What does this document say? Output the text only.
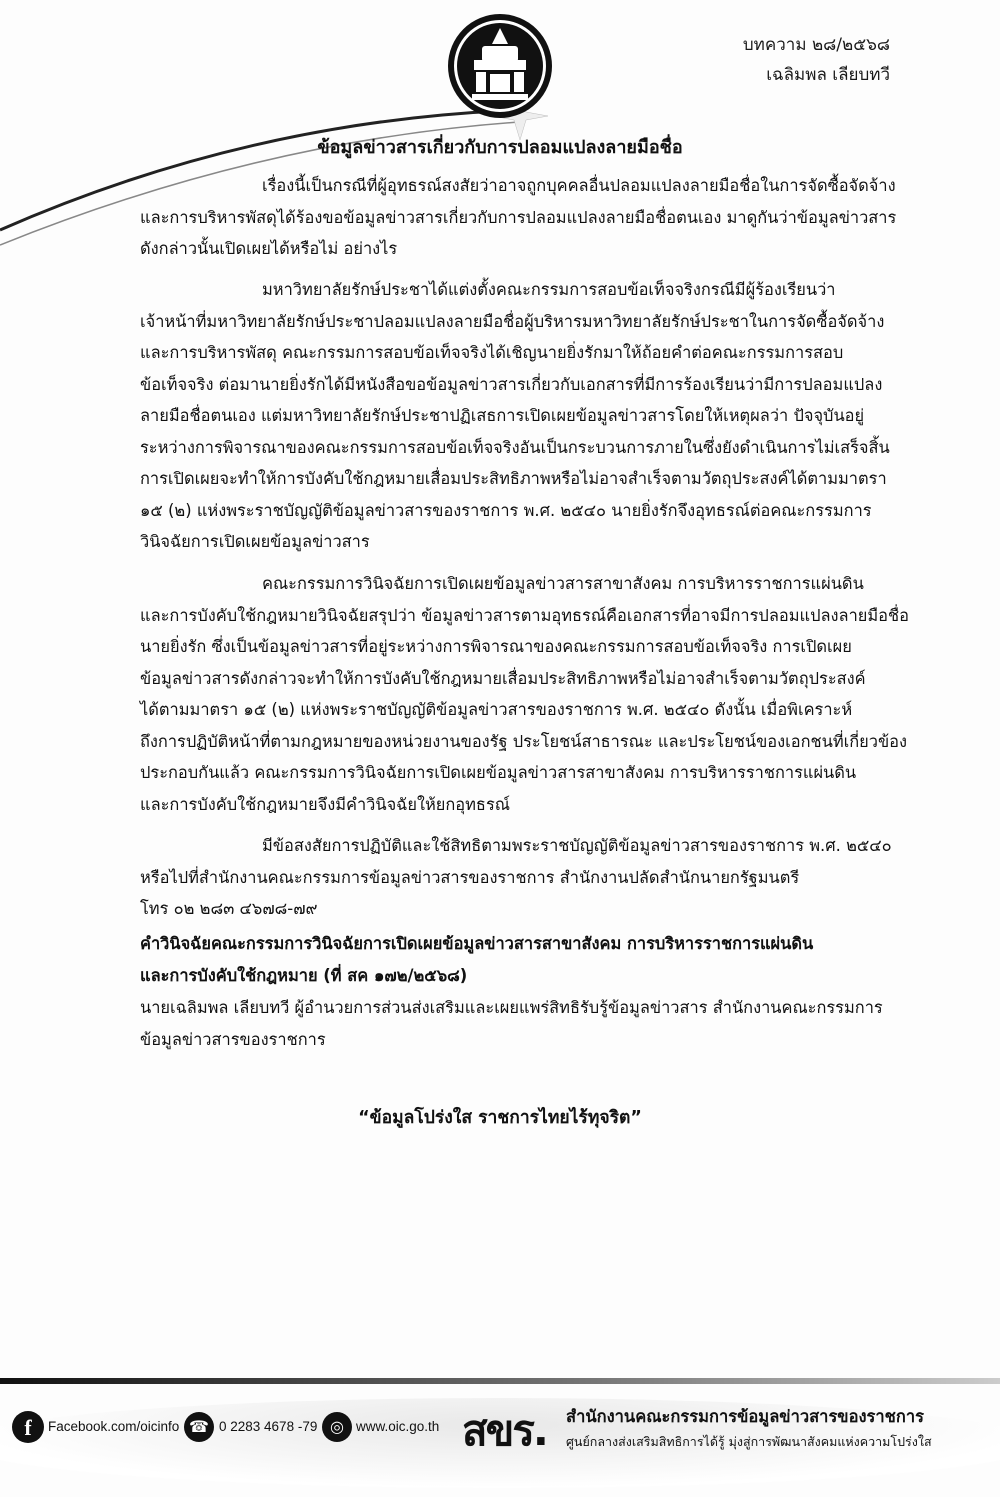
บทความ ๒๘/๒๕๖๘
เฉลิมพล เลียบทวี
ข้อมูลข่าวสารเกี่ยวกับการปลอมแปลงลายมือชื่อ

เรื่องนี้เป็นกรณีที่ผู้อุทธรณ์สงสัยว่าอาจถูกบุคคลอื่นปลอมแปลงลายมือชื่อในการจัดซื้อจัดจ้าง
และการบริหารพัสดุได้ร้องขอข้อมูลข่าวสารเกี่ยวกับการปลอมแปลงลายมือชื่อตนเอง มาดูกันว่าข้อมูลข่าวสาร
ดังกล่าวนั้นเปิดเผยได้หรือไม่ อย่างไร

มหาวิทยาลัยรักษ์ประชาได้แต่งตั้งคณะกรรมการสอบข้อเท็จจริงกรณีมีผู้ร้องเรียนว่า
เจ้าหน้าที่มหาวิทยาลัยรักษ์ประชาปลอมแปลงลายมือชื่อผู้บริหารมหาวิทยาลัยรักษ์ประชาในการจัดซื้อจัดจ้าง
และการบริหารพัสดุ คณะกรรมการสอบข้อเท็จจริงได้เชิญนายยิ่งรักมาให้ถ้อยคำต่อคณะกรรมการสอบ
ข้อเท็จจริง ต่อมานายยิ่งรักได้มีหนังสือขอข้อมูลข่าวสารเกี่ยวกับเอกสารที่มีการร้องเรียนว่ามีการปลอมแปลง
ลายมือชื่อตนเอง แต่มหาวิทยาลัยรักษ์ประชาปฏิเสธการเปิดเผยข้อมูลข่าวสารโดยให้เหตุผลว่า ปัจจุบันอยู่
ระหว่างการพิจารณาของคณะกรรมการสอบข้อเท็จจริงอันเป็นกระบวนการภายในซึ่งยังดำเนินการไม่เสร็จสิ้น
การเปิดเผยจะทำให้การบังคับใช้กฎหมายเสื่อมประสิทธิภาพหรือไม่อาจสำเร็จตามวัตถุประสงค์ได้ตามมาตรา
๑๕ (๒) แห่งพระราชบัญญัติข้อมูลข่าวสารของราชการ พ.ศ. ๒๕๔๐ นายยิ่งรักจึงอุทธรณ์ต่อคณะกรรมการ
วินิจฉัยการเปิดเผยข้อมูลข่าวสาร

คณะกรรมการวินิจฉัยการเปิดเผยข้อมูลข่าวสารสาขาสังคม การบริหารราชการแผ่นดิน
และการบังคับใช้กฎหมายวินิจฉัยสรุปว่า ข้อมูลข่าวสารตามอุทธรณ์คือเอกสารที่อาจมีการปลอมแปลงลายมือชื่อ
นายยิ่งรัก ซึ่งเป็นข้อมูลข่าวสารที่อยู่ระหว่างการพิจารณาของคณะกรรมการสอบข้อเท็จจริง การเปิดเผย
ข้อมูลข่าวสารดังกล่าวจะทำให้การบังคับใช้กฎหมายเสื่อมประสิทธิภาพหรือไม่อาจสำเร็จตามวัตถุประสงค์
ได้ตามมาตรา ๑๕ (๒) แห่งพระราชบัญญัติข้อมูลข่าวสารของราชการ พ.ศ. ๒๕๔๐ ดังนั้น เมื่อพิเคราะห์
ถึงการปฏิบัติหน้าที่ตามกฎหมายของหน่วยงานของรัฐ ประโยชน์สาธารณะ และประโยชน์ของเอกชนที่เกี่ยวข้อง
ประกอบกันแล้ว คณะกรรมการวินิจฉัยการเปิดเผยข้อมูลข่าวสารสาขาสังคม การบริหารราชการแผ่นดิน
และการบังคับใช้กฎหมายจึงมีคำวินิจฉัยให้ยกอุทธรณ์

มีข้อสงสัยการปฏิบัติและใช้สิทธิตามพระราชบัญญัติข้อมูลข่าวสารของราชการ พ.ศ. ๒๕๔๐
หรือไปที่สำนักงานคณะกรรมการข้อมูลข่าวสารของราชการ สำนักงานปลัดสำนักนายกรัฐมนตรี
โทร ๐๒ ๒๘๓ ๔๖๗๘-๗๙

คำวินิจฉัยคณะกรรมการวินิจฉัยการเปิดเผยข้อมูลข่าวสารสาขาสังคม การบริหารราชการแผ่นดิน
และการบังคับใช้กฎหมาย (ที่ สค ๑๗๒/๒๕๖๘)

นายเฉลิมพล เลียบทวี ผู้อำนวยการส่วนส่งเสริมและเผยแพร่สิทธิรับรู้ข้อมูลข่าวสาร สำนักงานคณะกรรมการ
ข้อมูลข่าวสารของราชการ

“ข้อมูลโปร่งใส ราชการไทยไร้ทุจริต”
f	Facebook.com/oicinfo ☎ 0 2283 4678 -79 ◎ www.oic.go.th สขร. สำนักงานคณะกรรมการข้อมูลข่าวสารของราชการ
ศูนย์กลางส่งเสริมสิทธิการได้รู้ มุ่งสู่การพัฒนาสังคมแห่งความโปร่งใส
